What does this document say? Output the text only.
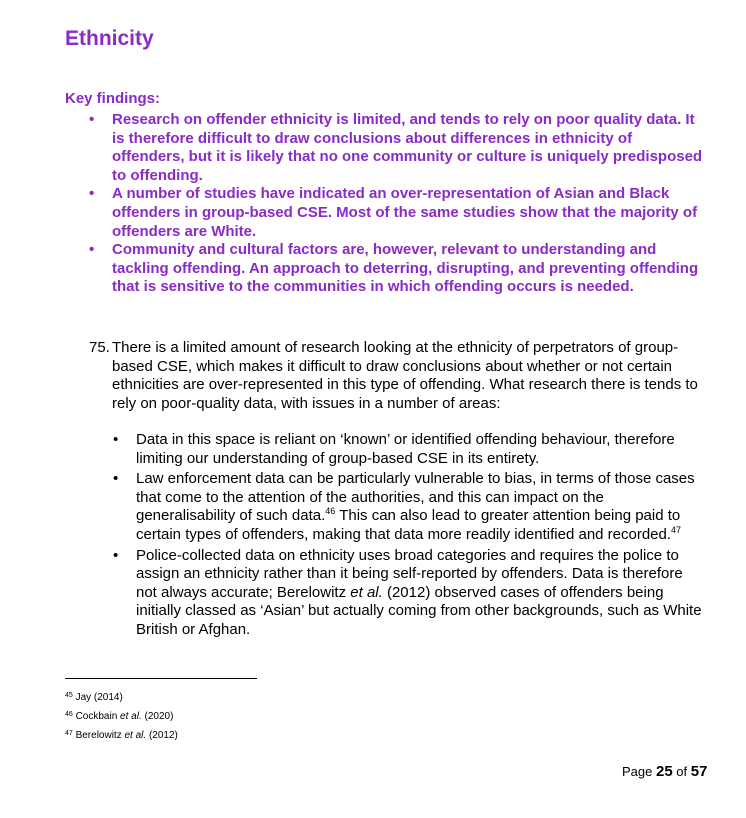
Ethnicity
Key findings:
• Research on offender ethnicity is limited, and tends to rely on poor quality data. It is therefore difficult to draw conclusions about differences in ethnicity of offenders, but it is likely that no one community or culture is uniquely predisposed to offending.
• A number of studies have indicated an over-representation of Asian and Black offenders in group-based CSE. Most of the same studies show that the majority of offenders are White.
• Community and cultural factors are, however, relevant to understanding and tackling offending. An approach to deterring, disrupting, and preventing offending that is sensitive to the communities in which offending occurs is needed.
75. There is a limited amount of research looking at the ethnicity of perpetrators of group-based CSE, which makes it difficult to draw conclusions about whether or not certain ethnicities are over-represented in this type of offending. What research there is tends to rely on poor-quality data, with issues in a number of areas:
• Data in this space is reliant on ‘known’ or identified offending behaviour, therefore limiting our understanding of group-based CSE in its entirety.
• Law enforcement data can be particularly vulnerable to bias, in terms of those cases that come to the attention of the authorities, and this can impact on the generalisability of such data.$^{46}$ This can also lead to greater attention being paid to certain types of offenders, making that data more readily identified and recorded.$^{47}$
• Police-collected data on ethnicity uses broad categories and requires the police to assign an ethnicity rather than it being self-reported by offenders. Data is therefore not always accurate; Berelowitz et al. (2012) observed cases of offenders being initially classed as ‘Asian’ but actually coming from other backgrounds, such as White British or Afghan.
$^{45}$ Jay (2014)
$^{46}$ Cockbain et al. (2020)
$^{47}$ Berelowitz et al. (2012)
Page 25 of 57
